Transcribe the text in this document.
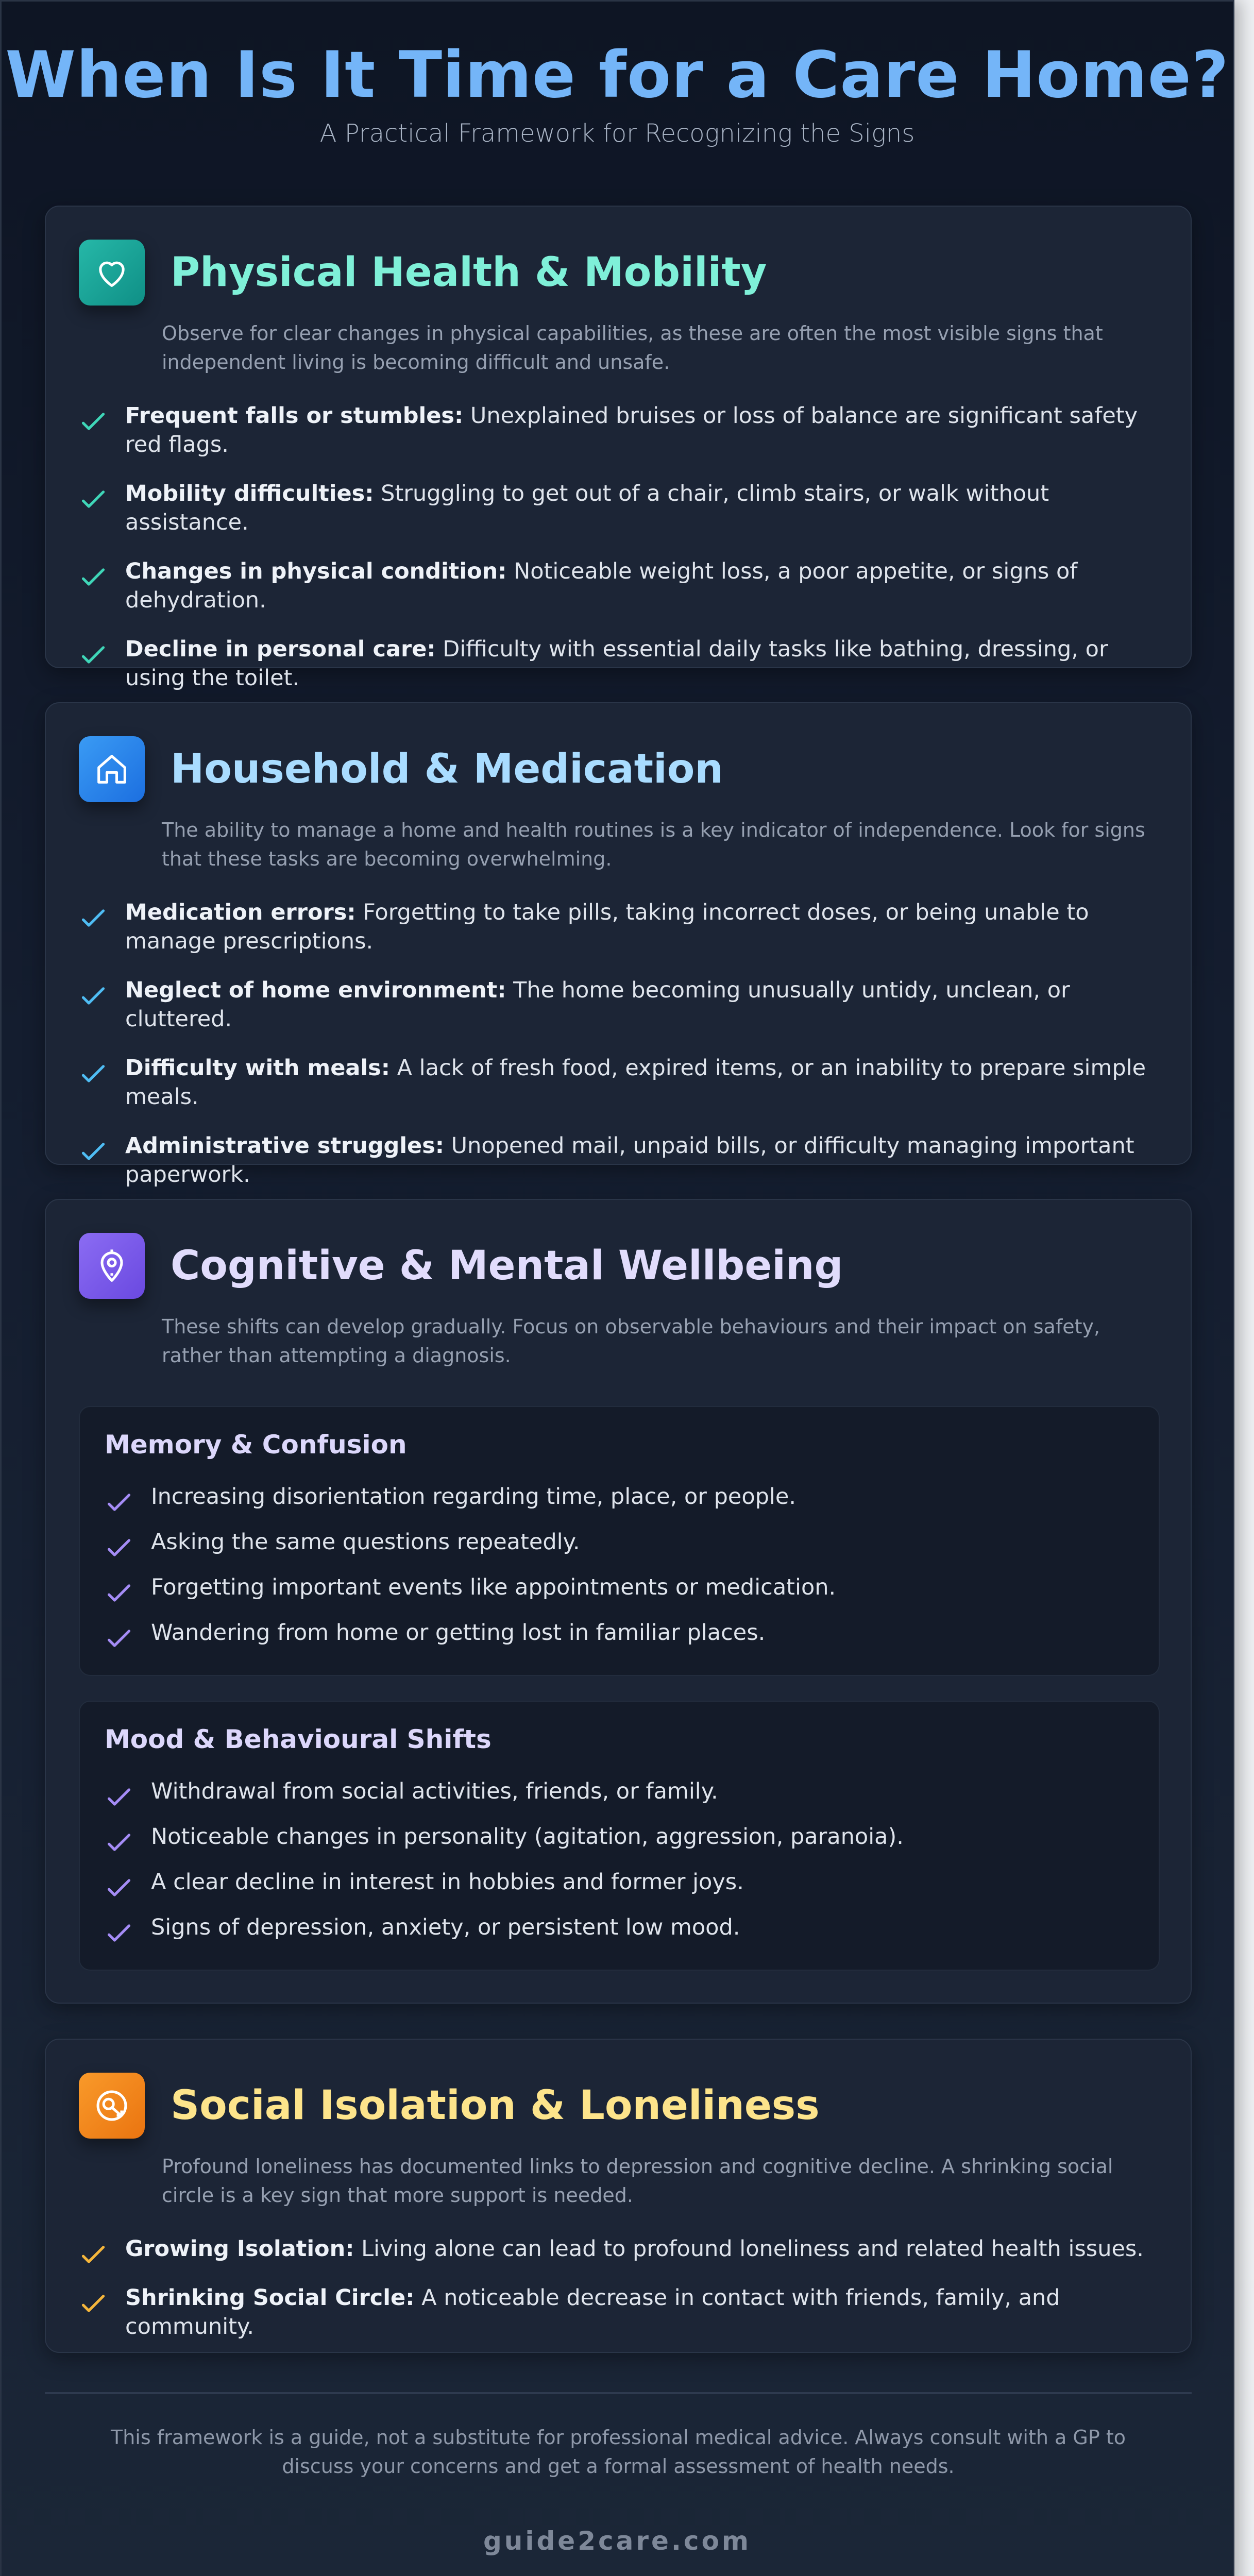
When Is It Time for a Care Home?
A Practical Framework for Recognizing the Signs
Physical Health & Mobility
Observe for clear changes in physical capabilities, as these are often the most visible signs that independent living is becoming difficult and unsafe.
Frequent falls or stumbles: Unexplained bruises or loss of balance are significant safety red flags.
Mobility difficulties: Struggling to get out of a chair, climb stairs, or walk without assistance.
Changes in physical condition: Noticeable weight loss, a poor appetite, or signs of dehydration.
Decline in personal care: Difficulty with essential daily tasks like bathing, dressing, or using the toilet.
Household & Medication
The ability to manage a home and health routines is a key indicator of independence. Look for signs that these tasks are becoming overwhelming.
Medication errors: Forgetting to take pills, taking incorrect doses, or being unable to manage prescriptions.
Neglect of home environment: The home becoming unusually untidy, unclean, or cluttered.
Difficulty with meals: A lack of fresh food, expired items, or an inability to prepare simple meals.
Administrative struggles: Unopened mail, unpaid bills, or difficulty managing important paperwork.
Cognitive & Mental Wellbeing
These shifts can develop gradually. Focus on observable behaviours and their impact on safety, rather than attempting a diagnosis.
Memory & Confusion
Increasing disorientation regarding time, place, or people.
Asking the same questions repeatedly.
Forgetting important events like appointments or medication.
Wandering from home or getting lost in familiar places.
Mood & Behavioural Shifts
Withdrawal from social activities, friends, or family.
Noticeable changes in personality (agitation, aggression, paranoia).
A clear decline in interest in hobbies and former joys.
Signs of depression, anxiety, or persistent low mood.
Social Isolation & Loneliness
Profound loneliness has documented links to depression and cognitive decline. A shrinking social circle is a key sign that more support is needed.
Growing Isolation: Living alone can lead to profound loneliness and related health issues.
Shrinking Social Circle: A noticeable decrease in contact with friends, family, and community.
This framework is a guide, not a substitute for professional medical advice. Always consult with a GP to discuss your concerns and get a formal assessment of health needs.
guide2care.com
